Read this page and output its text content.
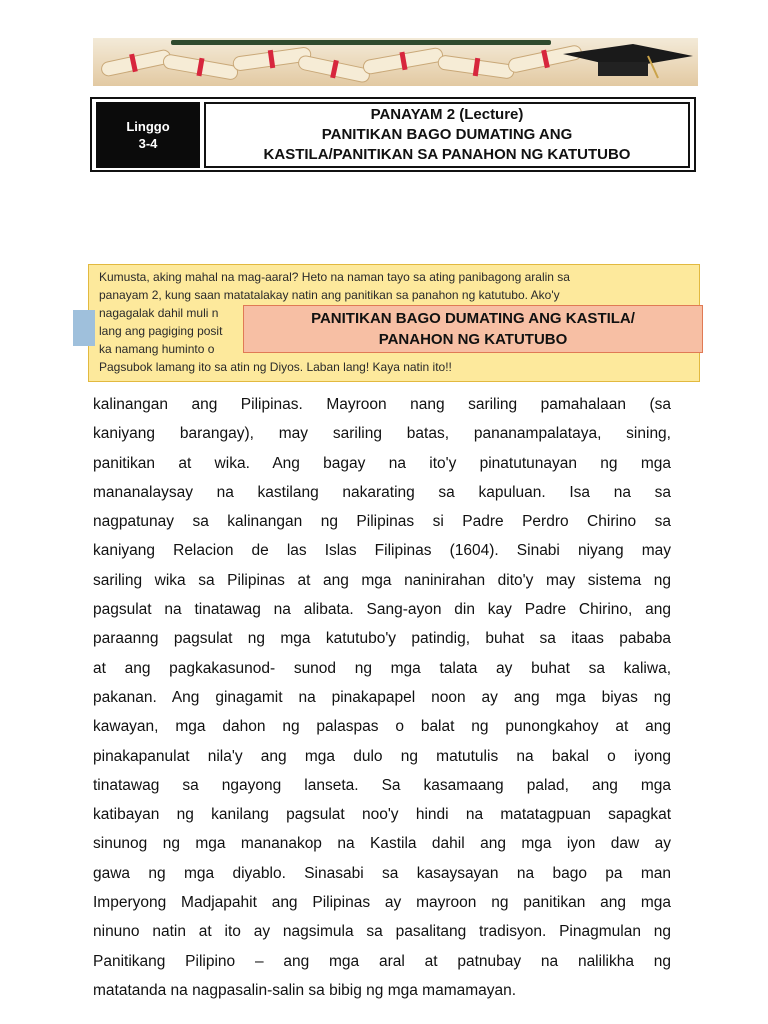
Linggo
3-4
PANAYAM 2 (Lecture)
PANITIKAN BAGO DUMATING ANG
KASTILA/PANITIKAN SA PANAHON NG KATUTUBO
Kumusta, aking mahal na mag-aaral? Heto na naman tayo sa ating panibagong aralin sa
panayam 2, kung saan matatalakay natin ang panitikan sa panahon ng katutubo. Ako'y
nagagalak dahil muli n
lang ang pagiging posit
ka namang huminto o
Pagsubok lamang ito sa atin ng Diyos. Laban lang! Kaya natin ito!!
PANITIKAN BAGO DUMATING ANG KASTILA/
PANAHON NG KATUTUBO
kalinangan ang Pilipinas. Mayroon nang sariling pamahalaan (sa
kaniyang barangay), may sariling batas, pananampalataya, sining,
panitikan at wika. Ang bagay na ito'y pinatutunayan ng mga
mananalaysay na kastilang nakarating sa kapuluan. Isa na sa
nagpatunay sa kalinangan ng Pilipinas si Padre Perdro Chirino sa
kaniyang Relacion de las Islas Filipinas (1604). Sinabi niyang may
sariling wika sa Pilipinas at ang mga naninirahan dito'y may sistema ng
pagsulat na tinatawag na alibata. Sang-ayon din kay Padre Chirino, ang
paraanng pagsulat ng mga katutubo'y patindig, buhat sa itaas pababa
at ang pagkakasunod- sunod ng mga talata ay buhat sa kaliwa,
pakanan. Ang ginagamit na pinakapapel noon ay ang mga biyas ng
kawayan, mga dahon ng palaspas o balat ng punongkahoy at ang
pinakapanulat nila'y ang mga dulo ng matutulis na bakal o iyong
tinatawag sa ngayong lanseta. Sa kasamaang palad, ang mga
katibayan ng kanilang pagsulat noo'y hindi na matatagpuan sapagkat
sinunog ng mga mananakop na Kastila dahil ang mga iyon daw ay
gawa ng mga diyablo. Sinasabi sa kasaysayan na bago pa man
Imperyong Madjapahit ang Pilipinas ay mayroon ng panitikan ang mga
ninuno natin at ito ay nagsimula sa pasalitang tradisyon. Pinagmulan ng
Panitikang Pilipino – ang mga aral at patnubay na nalilikha ng
matatanda na nagpasalin-salin sa bibig ng mga mamamayan.
